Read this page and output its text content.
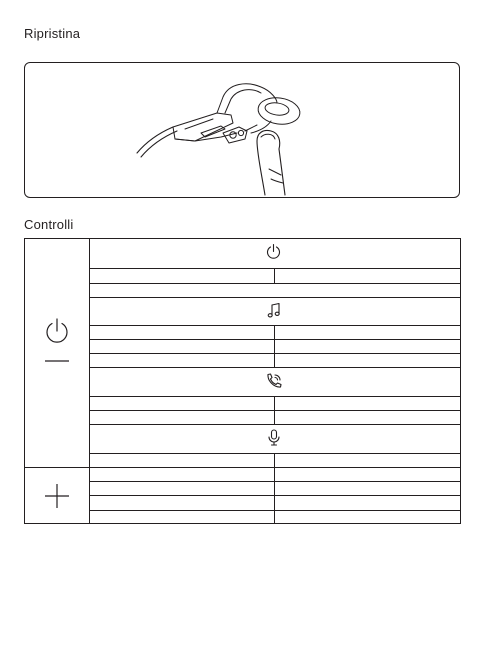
Ripristina
Controlli
